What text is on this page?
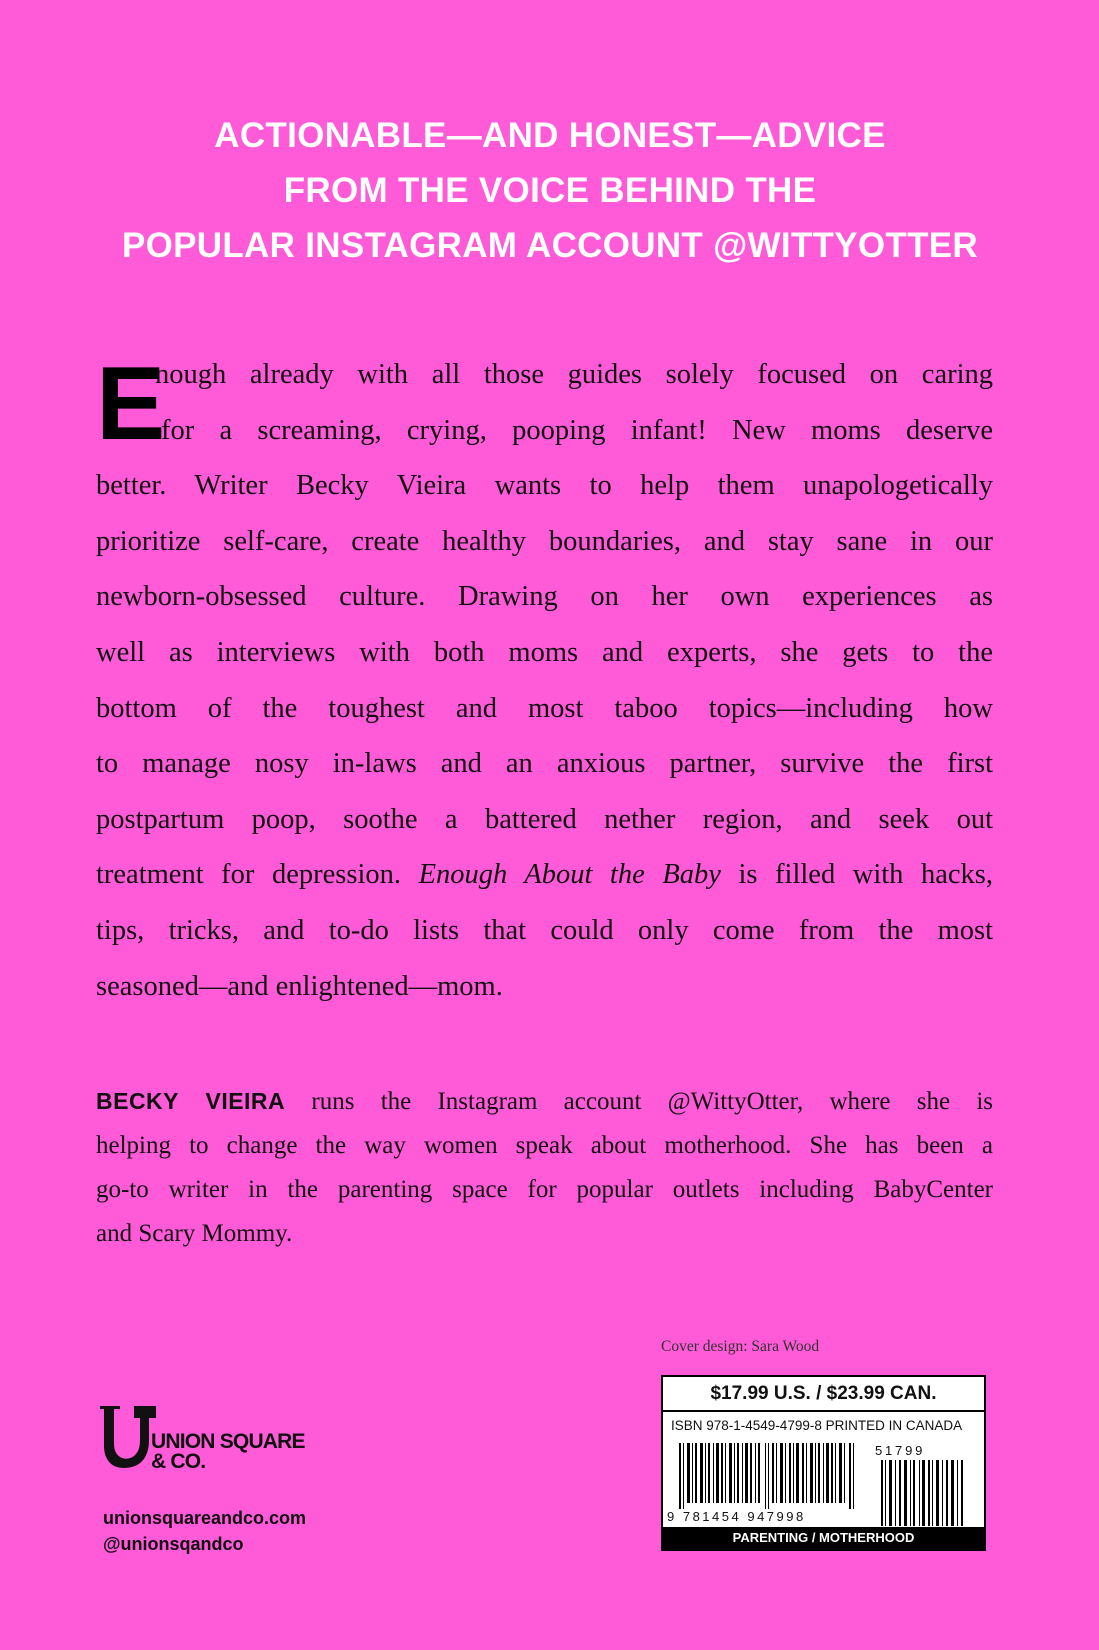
ACTIONABLE—AND HONEST—ADVICE
FROM THE VOICE BEHIND THE
POPULAR INSTAGRAM ACCOUNT @WITTYOTTER
E
nough already with all those guides solely focused on caring
for a screaming, crying, pooping infant! New moms deserve
better. Writer Becky Vieira wants to help them unapologetically
prioritize self-care, create healthy boundaries, and stay sane in our
newborn-obsessed culture. Drawing on her own experiences as
well as interviews with both moms and experts, she gets to the
bottom of the toughest and most taboo topics—including how
to manage nosy in-laws and an anxious partner, survive the first
postpartum poop, soothe a battered nether region, and seek out
treatment for depression. Enough About the Baby is filled with hacks,
tips, tricks, and to-do lists that could only come from the most
seasoned—and enlightened—mom.
BECKY VIEIRA runs the Instagram account @WittyOtter, where she is
helping to change the way women speak about motherhood. She has been a
go-to writer in the parenting space for popular outlets including BabyCenter
and Scary Mommy.
Cover design: Sara Wood
$17.99 U.S. / $23.99 CAN.
ISBN 978-1-4549-4799-8 PRINTED IN CANADA
9 781454 947998
51799
PARENTING / MOTHERHOOD
UNION SQUARE
& CO.
unionsquareandco.com
@unionsqandco
